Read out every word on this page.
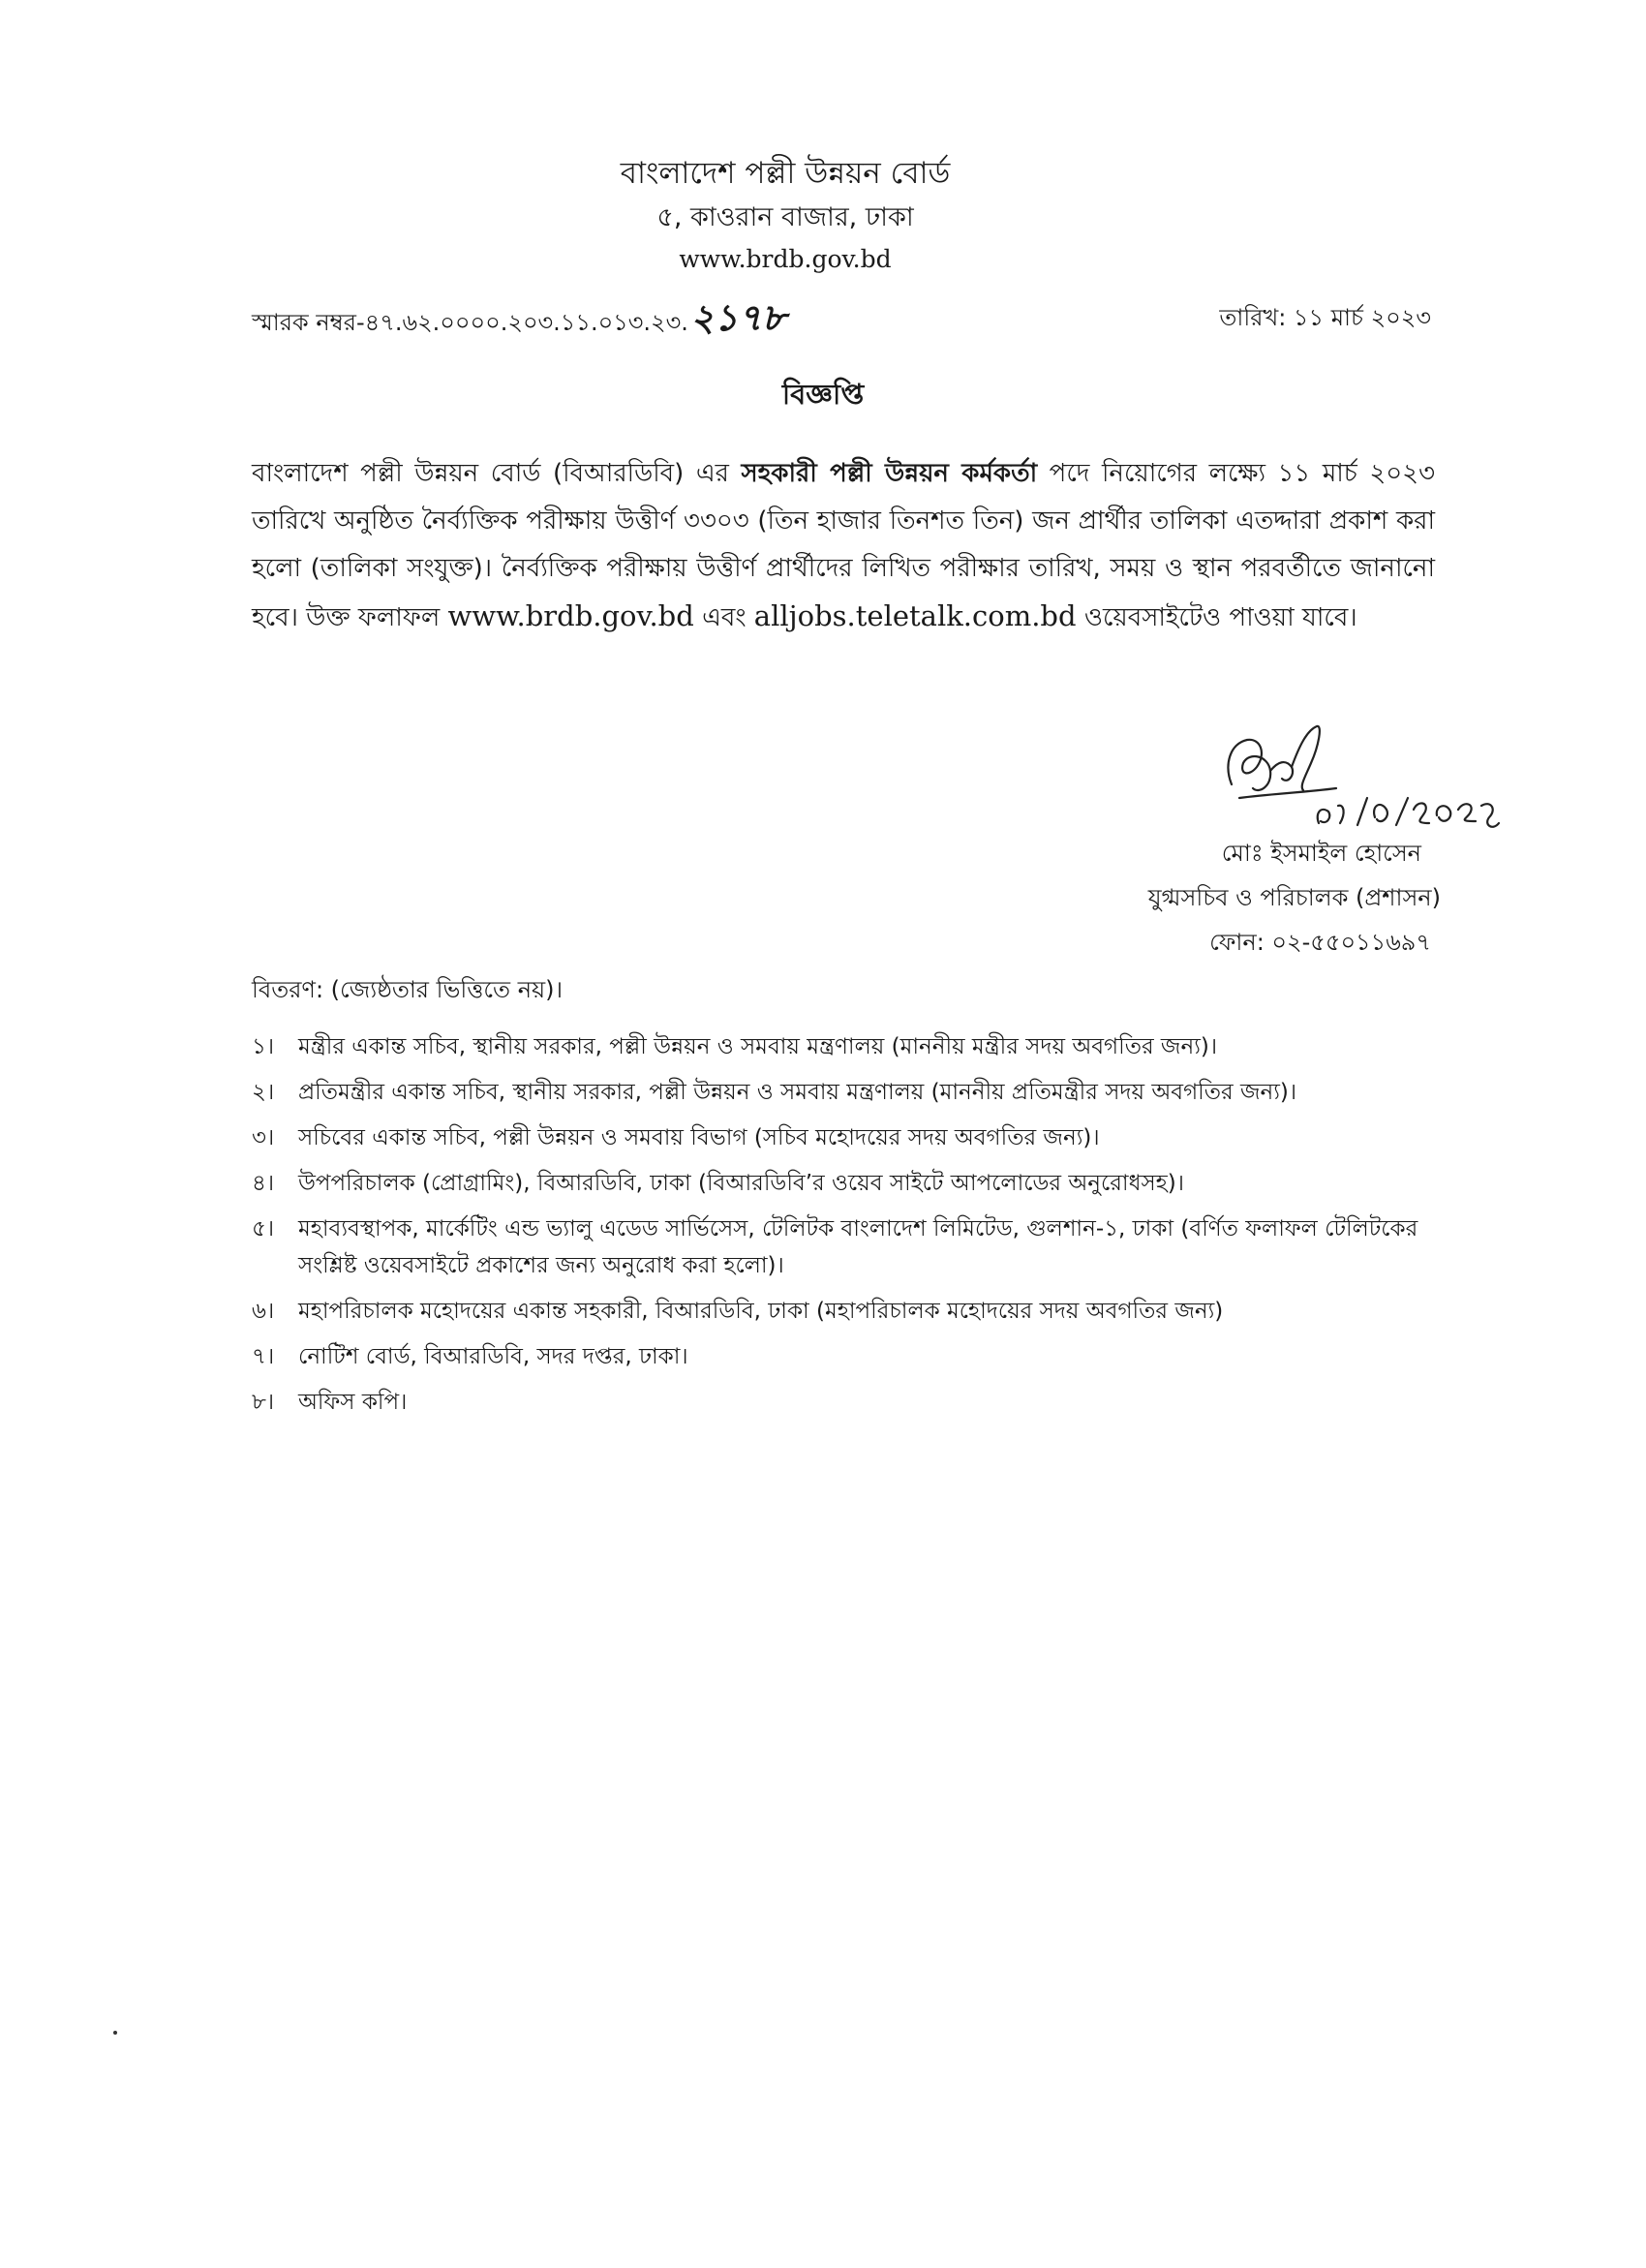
বাংলাদেশ পল্লী উন্নয়ন বোর্ড
৫, কাওরান বাজার, ঢাকা
www.brdb.gov.bd
স্মারক নম্বর-৪৭.৬২.০০০০.২০৩.১১.০১৩.২৩.২১৭৮	তারিখ: ১১ মার্চ ২০২৩
বিজ্ঞপ্তি
বাংলাদেশ পল্লী উন্নয়ন বোর্ড (বিআরডিবি) এর সহকারী পল্লী উন্নয়ন কর্মকর্তা পদে নিয়োগের লক্ষ্যে ১১ মার্চ ২০২৩ তারিখে অনুষ্ঠিত নৈর্ব্যক্তিক পরীক্ষায় উত্তীর্ণ ৩৩০৩ (তিন হাজার তিনশত তিন) জন প্রার্থীর তালিকা এতদ্দারা প্রকাশ করা হলো (তালিকা সংযুক্ত)। নৈর্ব্যক্তিক পরীক্ষায় উত্তীর্ণ প্রার্থীদের লিখিত পরীক্ষার তারিখ, সময় ও স্থান পরবর্তীতে জানানো হবে। উক্ত ফলাফল www.brdb.gov.bd এবং alljobs.teletalk.com.bd ওয়েবসাইটেও পাওয়া যাবে।
মোঃ ইসমাইল হোসেন
যুগ্মসচিব ও পরিচালক (প্রশাসন)
ফোন: ০২-৫৫০১১৬৯৭
বিতরণ: (জ্যেষ্ঠতার ভিত্তিতে নয়)।
১। মন্ত্রীর একান্ত সচিব, স্থানীয় সরকার, পল্লী উন্নয়ন ও সমবায় মন্ত্রণালয় (মাননীয় মন্ত্রীর সদয় অবগতির জন্য)।
২। প্রতিমন্ত্রীর একান্ত সচিব, স্থানীয় সরকার, পল্লী উন্নয়ন ও সমবায় মন্ত্রণালয় (মাননীয় প্রতিমন্ত্রীর সদয় অবগতির জন্য)।
৩। সচিবের একান্ত সচিব, পল্লী উন্নয়ন ও সমবায় বিভাগ (সচিব মহোদয়ের সদয় অবগতির জন্য)।
৪। উপপরিচালক (প্রোগ্রামিং), বিআরডিবি, ঢাকা (বিআরডিবি’র ওয়েব সাইটে আপলোডের অনুরোধসহ)।
৫। মহাব্যবস্থাপক, মার্কেটিং এন্ড ভ্যালু এডেড সার্ভিসেস, টেলিটক বাংলাদেশ লিমিটেড, গুলশান-১, ঢাকা (বর্ণিত ফলাফল টেলিটকের সংশ্লিষ্ট ওয়েবসাইটে প্রকাশের জন্য অনুরোধ করা হলো)।
৬। মহাপরিচালক মহোদয়ের একান্ত সহকারী, বিআরডিবি, ঢাকা (মহাপরিচালক মহোদয়ের সদয় অবগতির জন্য)
৭। নোটিশ বোর্ড, বিআরডিবি, সদর দপ্তর, ঢাকা।
৮। অফিস কপি।
